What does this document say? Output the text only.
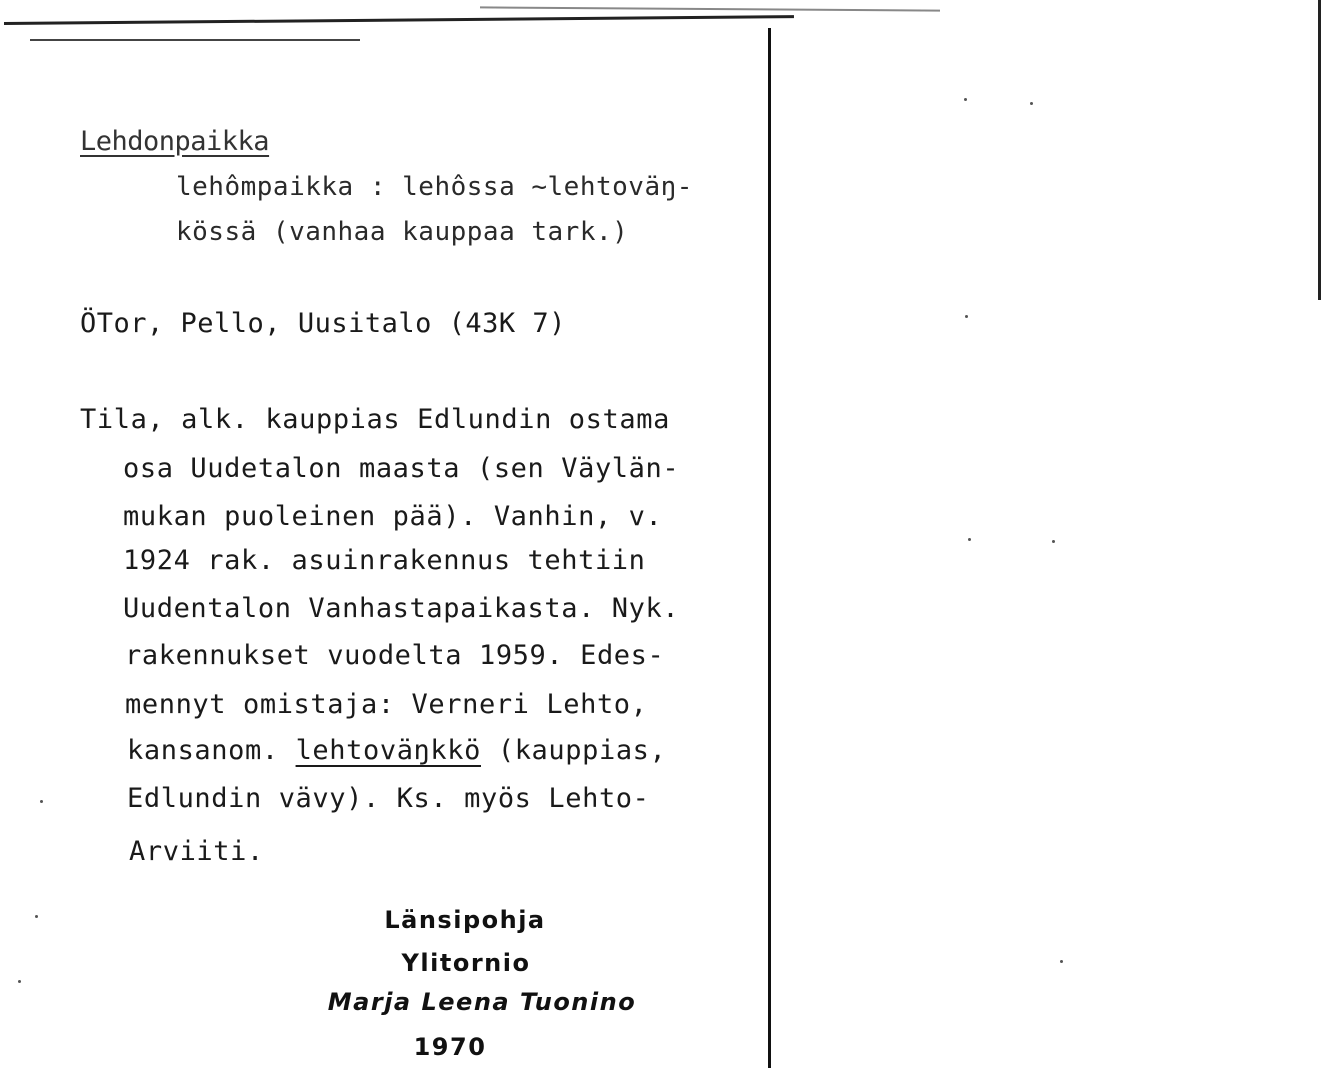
Lehdonpaikka
lehômpaikka : lehôssa ~lehtoväŋ-
kössä (vanhaa kauppaa tark.)
ÖTor, Pello, Uusitalo (43K 7)
Tila, alk. kauppias Edlundin ostama
osa Uudetalon maasta (sen Väylän-
mukan puoleinen pää). Vanhin, v.
1924 rak. asuinrakennus tehtiin
Uudentalon Vanhastapaikasta. Nyk.
rakennukset vuodelta 1959. Edes-
mennyt omistaja: Verneri Lehto,
kansanom. lehtoväŋkkö (kauppias,
Edlundin vävy). Ks. myös Lehto-
Arviiti.
Länsipohja
Ylitornio
Marja Leena Tuonino
1970
